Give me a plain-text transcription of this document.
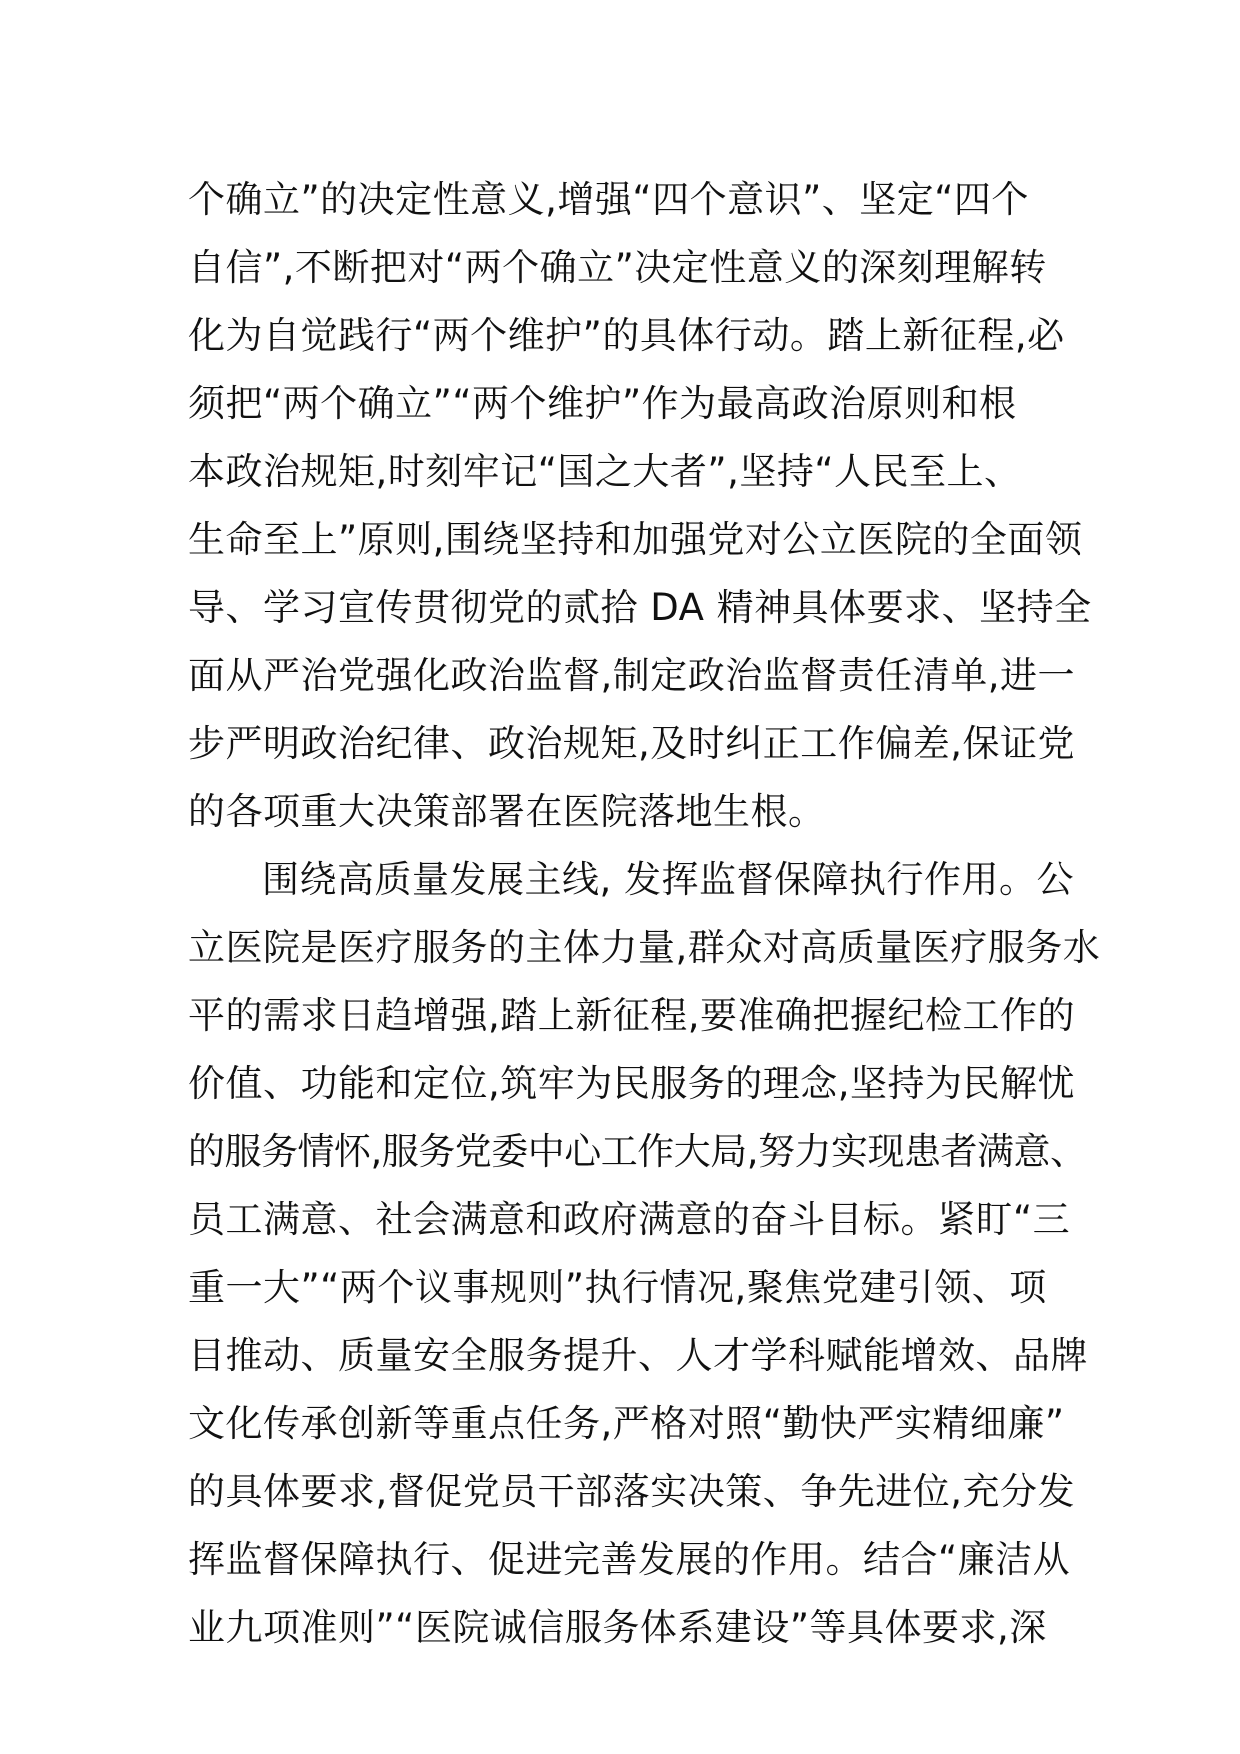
个确立”的决定性意义,增强“四个意识”、坚定“四个
自信”,不断把对“两个确立”决定性意义的深刻理解转
化为自觉践行“两个维护”的具体行动。踏上新征程,必
须把“两个确立”“两个维护”作为最高政治原则和根
本政治规矩,时刻牢记“国之大者”,坚持“人民至上、
生命至上”原则,围绕坚持和加强党对公立医院的全面领
导、学习宣传贯彻党的贰拾 DA 精神具体要求、坚持全
面从严治党强化政治监督,制定政治监督责任清单,进一
步严明政治纪律、政治规矩,及时纠正工作偏差,保证党
的各项重大决策部署在医院落地生根。
围绕高质量发展主线, 发挥监督保障执行作用。公
立医院是医疗服务的主体力量,群众对高质量医疗服务水
平的需求日趋增强,踏上新征程,要准确把握纪检工作的
价值、功能和定位,筑牢为民服务的理念,坚持为民解忧
的服务情怀,服务党委中心工作大局,努力实现患者满意、
员工满意、社会满意和政府满意的奋斗目标。紧盯“三
重一大”“两个议事规则”执行情况,聚焦党建引领、项
目推动、质量安全服务提升、人才学科赋能增效、品牌
文化传承创新等重点任务,严格对照“勤快严实精细廉”
的具体要求,督促党员干部落实决策、争先进位,充分发
挥监督保障执行、促进完善发展的作用。结合“廉洁从
业九项准则”“医院诚信服务体系建设”等具体要求,深
